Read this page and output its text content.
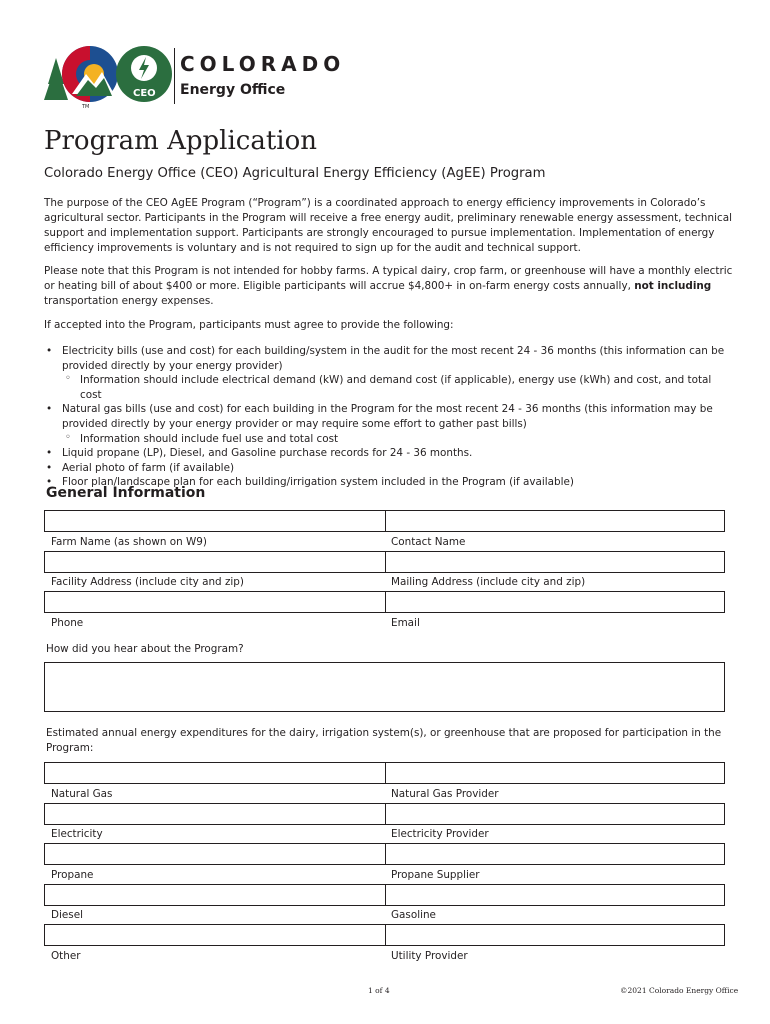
TM
CEO
COLORADO
Energy Office
Program Application
Colorado Energy Office (CEO) Agricultural Energy Efficiency (AgEE) Program

The purpose of the CEO AgEE Program (“Program”) is a coordinated approach to energy efficiency improvements in Colorado’s agricultural sector. Participants in the Program will receive a free energy audit, preliminary renewable energy assessment, technical support and implementation support. Participants are strongly encouraged to pursue implementation. Implementation of energy efficiency improvements is voluntary and is not required to sign up for the audit and technical support.

Please note that this Program is not intended for hobby farms. A typical dairy, crop farm, or greenhouse will have a monthly electric or heating bill of about $400 or more. Eligible participants will accrue $4,800+ in on-farm energy costs annually, not including transportation energy expenses.

If accepted into the Program, participants must agree to provide the following:

• Electricity bills (use and cost) for each building/system in the audit for the most recent 24 - 36 months (this information can be provided directly by your energy provider)
◦ Information should include electrical demand (kW) and demand cost (if applicable), energy use (kWh) and cost, and total cost
• Natural gas bills (use and cost) for each building in the Program for the most recent 24 - 36 months (this information may be provided directly by your energy provider or may require some effort to gather past bills)
◦ Information should include fuel use and total cost
• Liquid propane (LP), Diesel, and Gasoline purchase records for 24 - 36 months.
• Aerial photo of farm (if available)
• Floor plan/landscape plan for each building/irrigation system included in the Program (if available)
General Information
Farm Name (as shown on W9)	Contact Name
Facility Address (include city and zip)	Mailing Address (include city and zip)
Phone	Email
How did you hear about the Program?
Estimated annual energy expenditures for the dairy, irrigation system(s), or greenhouse that are proposed for participation in the Program:
Natural Gas	Natural Gas Provider
Electricity	Electricity Provider
Propane	Propane Supplier
Diesel	Gasoline
Other	Utility Provider
1 of 4	©2021 Colorado Energy Office
